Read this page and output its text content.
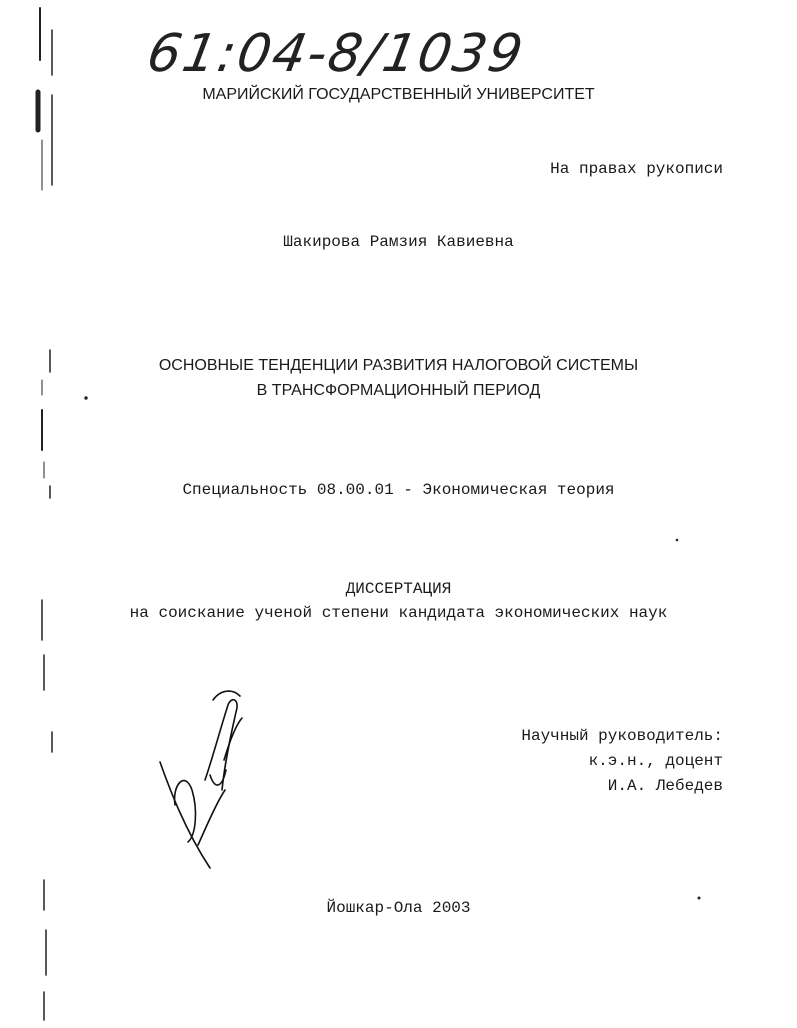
61:04-8/1039
МАРИЙСКИЙ ГОСУДАРСТВЕННЫЙ УНИВЕРСИТЕТ
На правах рукописи
Шакирова Рамзия Кавиевна
ОСНОВНЫЕ ТЕНДЕНЦИИ РАЗВИТИЯ НАЛОГОВОЙ СИСТЕМЫ
В ТРАНСФОРМАЦИОННЫЙ ПЕРИОД
Специальность 08.00.01 - Экономическая теория
ДИССЕРТАЦИЯ
на соискание ученой степени кандидата экономических наук
Научный руководитель:
к.э.н., доцент
И.А. Лебедев
Йошкар-Ола 2003
